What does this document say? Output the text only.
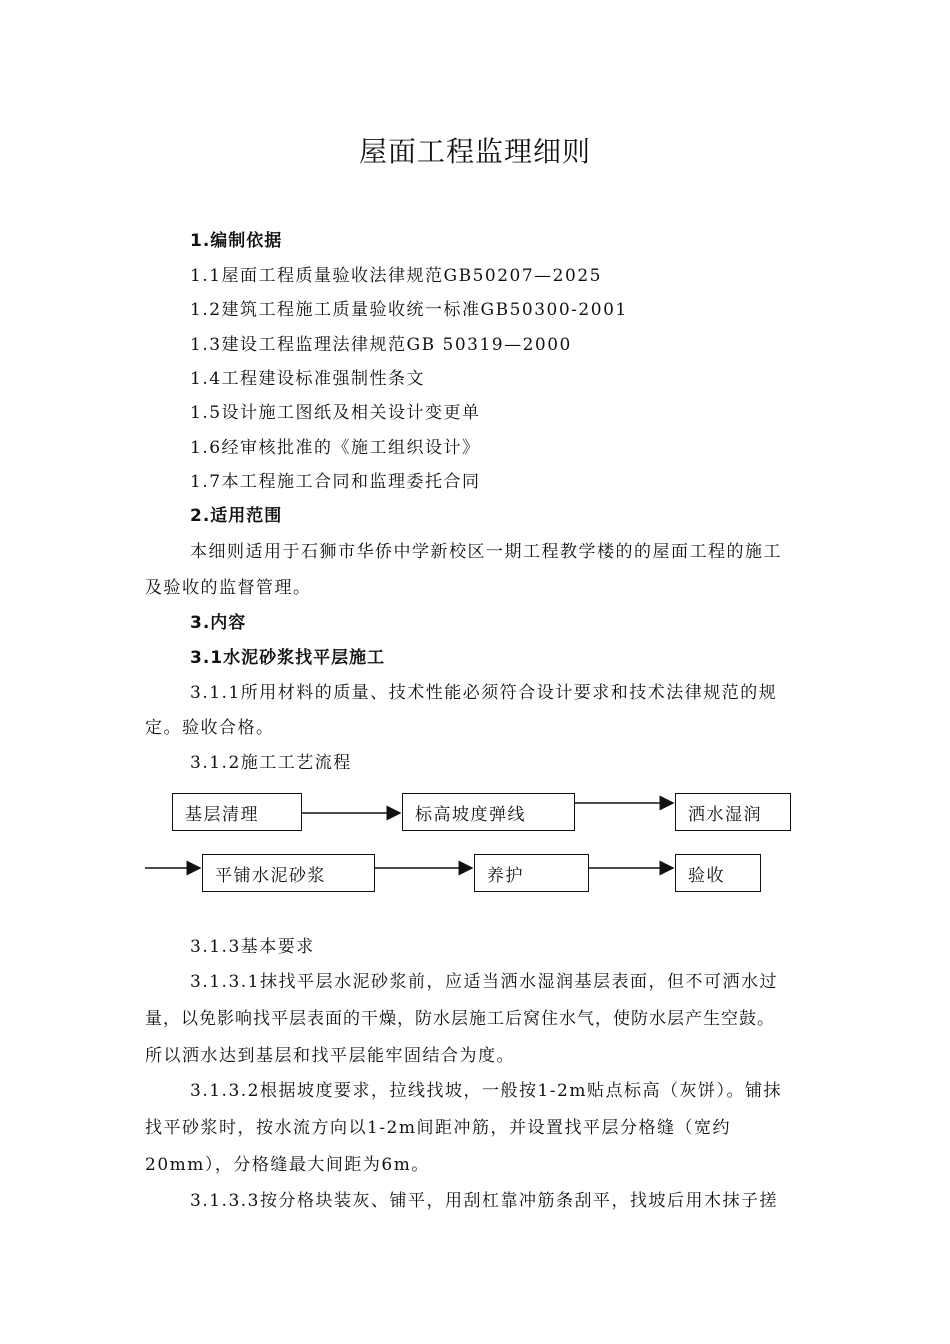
屋面工程监理细则
1.编制依据
1.1屋面工程质量验收法律规范GB50207—2025
1.2建筑工程施工质量验收统一标准GB50300-2001
1.3建设工程监理法律规范GB 50319—2000
1.4工程建设标准强制性条文
1.5设计施工图纸及相关设计变更单
1.6经审核批准的《施工组织设计》
1.7本工程施工合同和监理委托合同
2.适用范围
本细则适用于石狮市华侨中学新校区一期工程教学楼的的屋面工程的施工
及验收的监督管理。
3.内容
3.1水泥砂浆找平层施工
3.1.1所用材料的质量、技术性能必须符合设计要求和技术法律规范的规
定。验收合格。
3.1.2施工工艺流程
基层清理	标高坡度弹线	洒水湿润
平铺水泥砂浆	养护	验收
3.1.3基本要求
3.1.3.1抹找平层水泥砂浆前，应适当洒水湿润基层表面，但不可洒水过
量，以免影响找平层表面的干燥，防水层施工后窝住水气，使防水层产生空鼓。
所以洒水达到基层和找平层能牢固结合为度。
3.1.3.2根据坡度要求，拉线找坡，一般按1-2m贴点标高（灰饼）。铺抹
找平砂浆时，按水流方向以1-2m间距冲筋，并设置找平层分格缝（宽约
20mm），分格缝最大间距为6m。
3.1.3.3按分格块装灰、铺平，用刮杠靠冲筋条刮平，找坡后用木抹子搓
